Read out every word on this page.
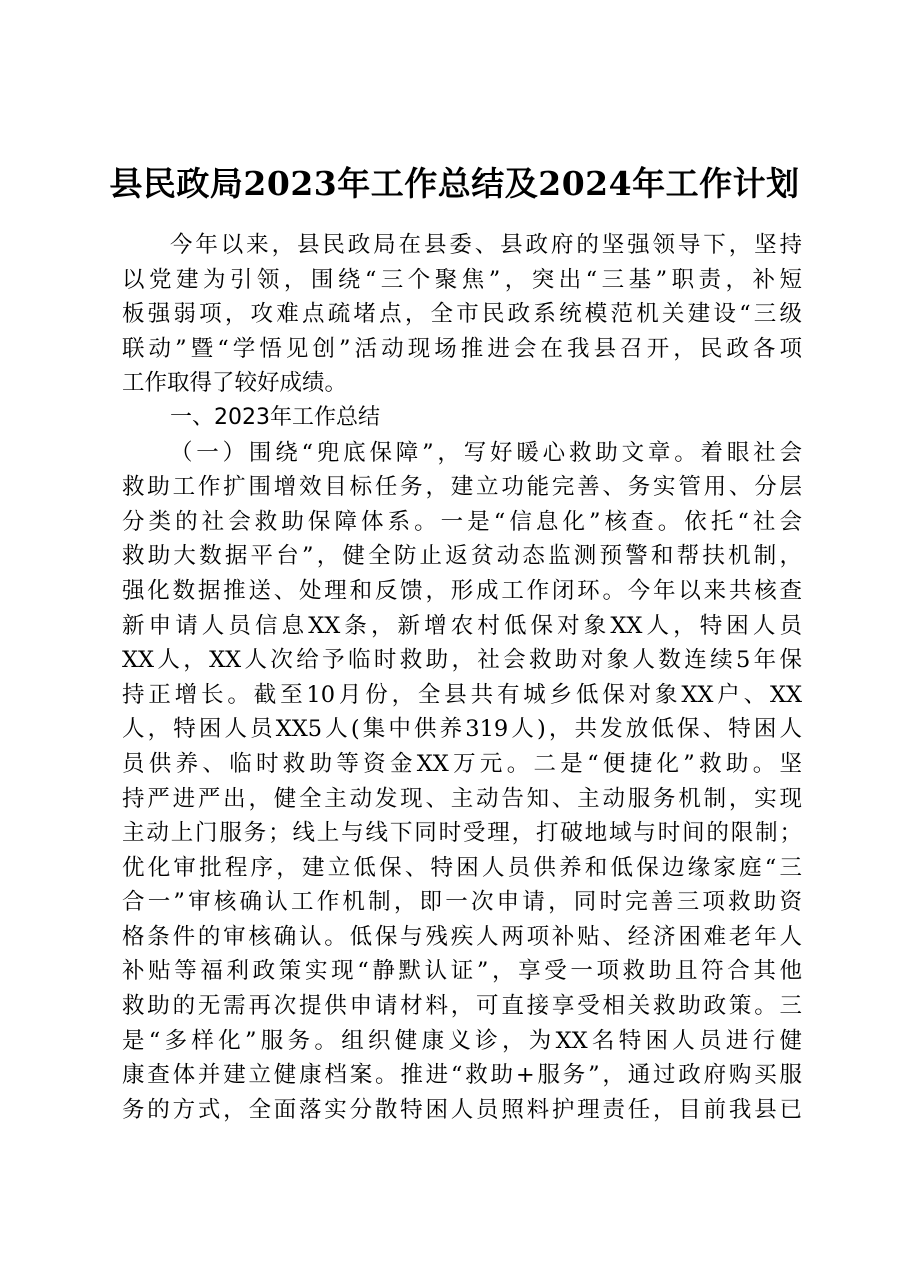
县民政局2023年工作总结及2024年工作计划
今年以来，县民政局在县委、县政府的坚强领导下，坚持
以党建为引领，围绕“三个聚焦”，突出“三基”职责，补短
板强弱项，攻难点疏堵点，全市民政系统模范机关建设“三级
联动”暨“学悟见创”活动现场推进会在我县召开，民政各项
工作取得了较好成绩。
一、2023年工作总结
（一）围绕“兜底保障”，写好暖心救助文章。着眼社会
救助工作扩围增效目标任务，建立功能完善、务实管用、分层
分类的社会救助保障体系。一是“信息化”核查。依托“社会
救助大数据平台”，健全防止返贫动态监测预警和帮扶机制，
强化数据推送、处理和反馈，形成工作闭环。今年以来共核查
新申请人员信息XX条，新增农村低保对象XX人，特困人员
XX人，XX人次给予临时救助，社会救助对象人数连续5年保
持正增长。截至10月份，全县共有城乡低保对象XX户、XX
人，特困人员XX5人(集中供养319人)，共发放低保、特困人
员供养、临时救助等资金XX万元。二是“便捷化”救助。坚
持严进严出，健全主动发现、主动告知、主动服务机制，实现
主动上门服务；线上与线下同时受理，打破地域与时间的限制；
优化审批程序，建立低保、特困人员供养和低保边缘家庭“三
合一”审核确认工作机制，即一次申请，同时完善三项救助资
格条件的审核确认。低保与残疾人两项补贴、经济困难老年人
补贴等福利政策实现“静默认证”，享受一项救助且符合其他
救助的无需再次提供申请材料，可直接享受相关救助政策。三
是“多样化”服务。组织健康义诊，为XX名特困人员进行健
康查体并建立健康档案。推进“救助+服务”，通过政府购买服
务的方式，全面落实分散特困人员照料护理责任，目前我县已
